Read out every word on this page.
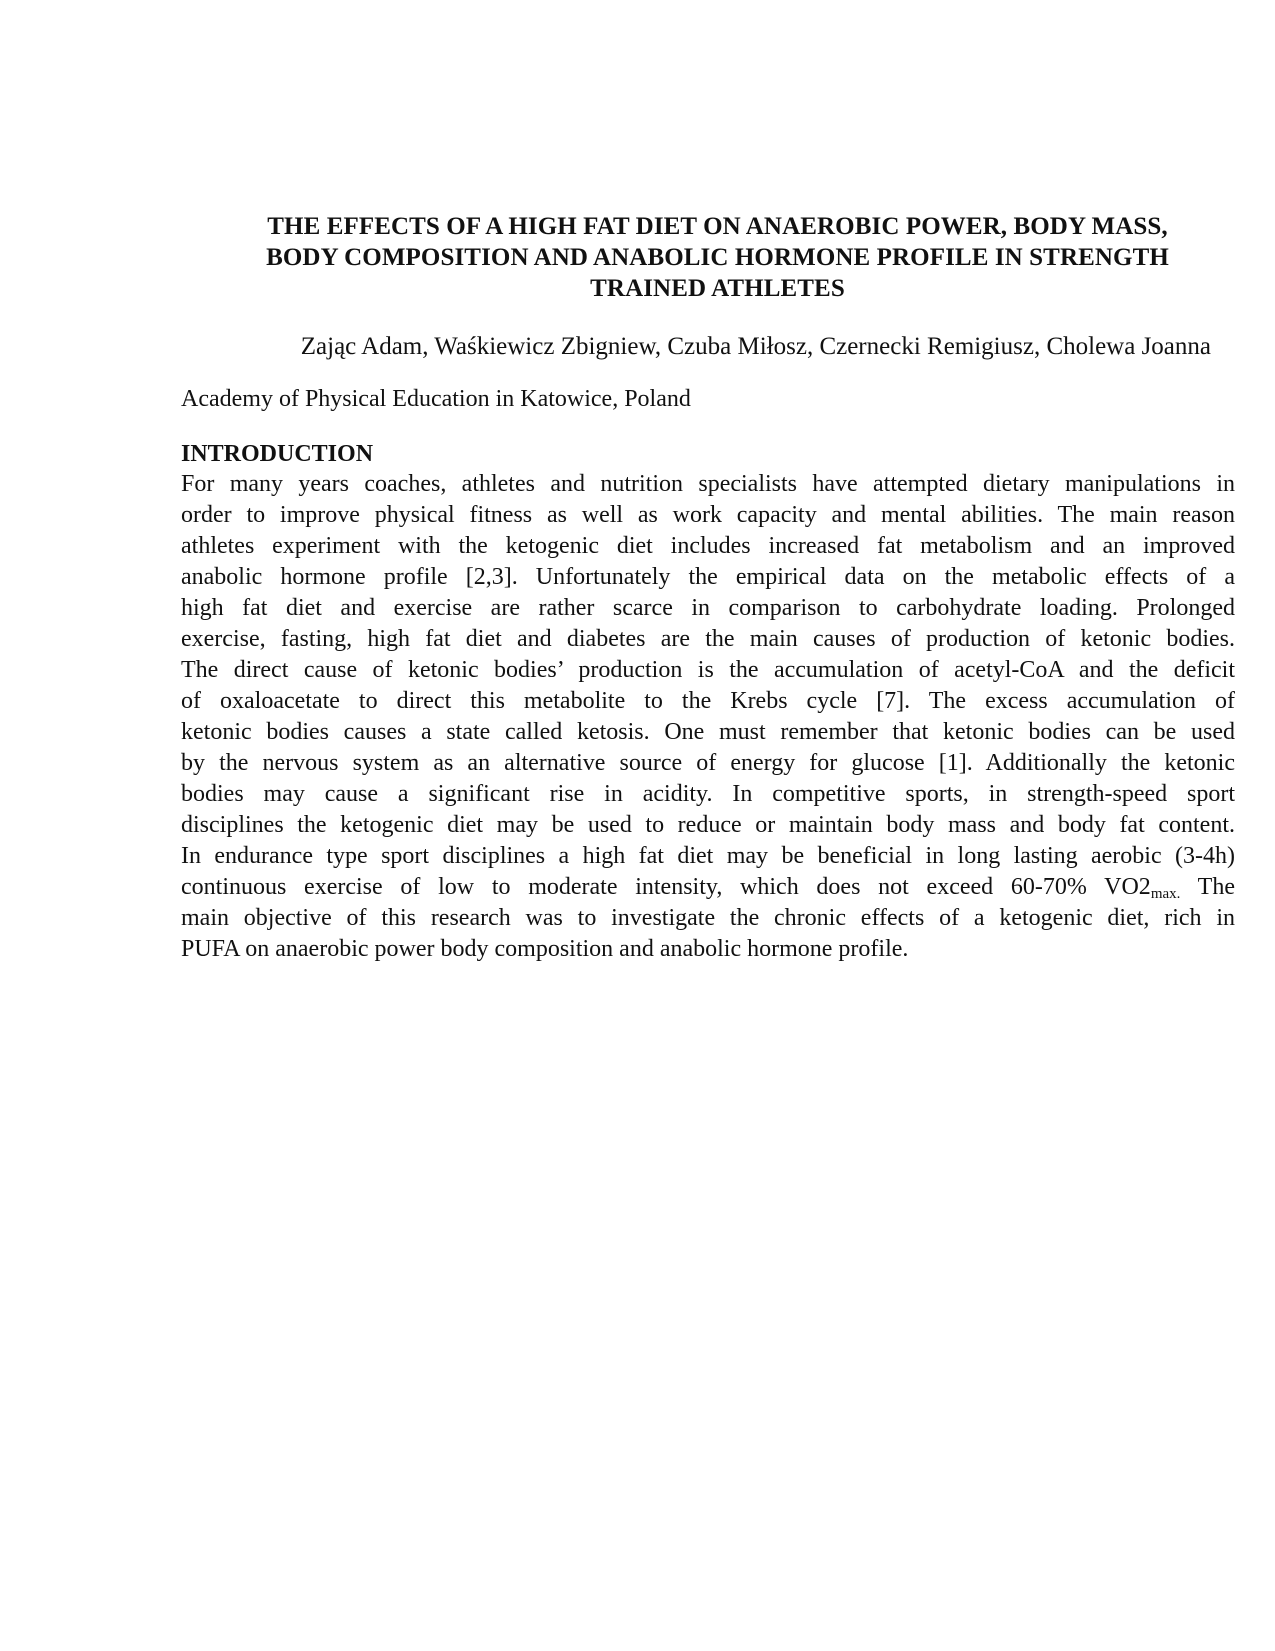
THE EFFECTS OF A HIGH FAT DIET ON ANAEROBIC POWER, BODY MASS,
BODY COMPOSITION AND ANABOLIC HORMONE PROFILE IN STRENGTH
TRAINED ATHLETES

Zając Adam, Waśkiewicz Zbigniew, Czuba Miłosz, Czernecki Remigiusz, Cholewa Joanna

Academy of Physical Education in Katowice, Poland

INTRODUCTION
For many years coaches, athletes and nutrition specialists have attempted dietary manipulations in
order to improve physical fitness as well as work capacity and mental abilities. The main reason
athletes experiment with the ketogenic diet includes increased fat metabolism and an improved
anabolic hormone profile [2,3]. Unfortunately the empirical data on the metabolic effects of a
high fat diet and exercise are rather scarce in comparison to carbohydrate loading. Prolonged
exercise, fasting, high fat diet and diabetes are the main causes of production of ketonic bodies.
The direct cause of ketonic bodies’ production is the accumulation of acetyl-CoA and the deficit
of oxaloacetate to direct this metabolite to the Krebs cycle [7]. The excess accumulation of
ketonic bodies causes a state called ketosis. One must remember that ketonic bodies can be used
by the nervous system as an alternative source of energy for glucose [1]. Additionally the ketonic
bodies may cause a significant rise in acidity. In competitive sports, in strength-speed sport
disciplines the ketogenic diet may be used to reduce or maintain body mass and body fat content.
In endurance type sport disciplines a high fat diet may be beneficial in long lasting aerobic (3-4h)
continuous exercise of low to moderate intensity, which does not exceed 60-70% $VO2_{max.}$ The
main objective of this research was to investigate the chronic effects of a ketogenic diet, rich in
PUFA on anaerobic power body composition and anabolic hormone profile.
